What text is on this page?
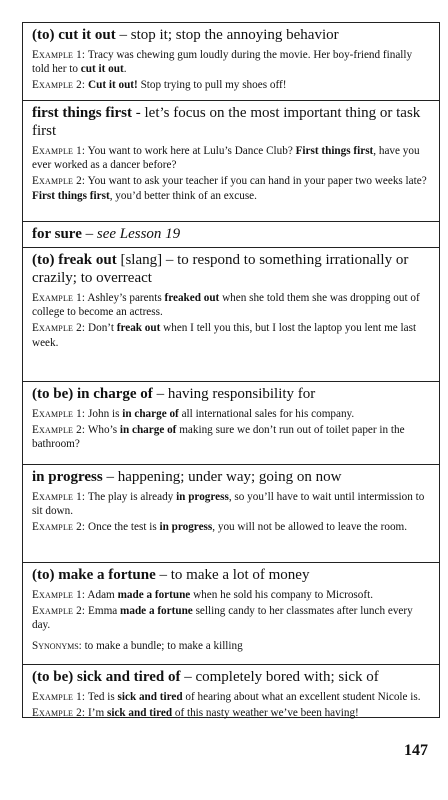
(to) cut it out – stop it; stop the annoying behavior
Example 1: Tracy was chewing gum loudly during the movie. Her boy-friend finally told her to cut it out.
Example 2: Cut it out! Stop trying to pull my shoes off!
first things first - let’s focus on the most important thing or task first
Example 1: You want to work here at Lulu’s Dance Club? First things first, have you ever worked as a dancer before?
Example 2: You want to ask your teacher if you can hand in your paper two weeks late? First things first, you’d better think of an excuse.
for sure – see Lesson 19
(to) freak out [slang] – to respond to something irrationally or crazily; to overreact
Example 1: Ashley’s parents freaked out when she told them she was dropping out of college to become an actress.
Example 2: Don’t freak out when I tell you this, but I lost the laptop you lent me last week.
(to be) in charge of – having responsibility for
Example 1: John is in charge of all international sales for his company.
Example 2: Who’s in charge of making sure we don’t run out of toilet paper in the bathroom?
in progress – happening; under way; going on now
Example 1: The play is already in progress, so you’ll have to wait until intermission to sit down.
Example 2: Once the test is in progress, you will not be allowed to leave the room.
(to) make a fortune – to make a lot of money
Example 1: Adam made a fortune when he sold his company to Microsoft.
Example 2: Emma made a fortune selling candy to her classmates after lunch every day.
Synonyms: to make a bundle; to make a killing
(to be) sick and tired of – completely bored with; sick of
Example 1: Ted is sick and tired of hearing about what an excellent student Nicole is.
Example 2: I’m sick and tired of this nasty weather we’ve been having!
147
